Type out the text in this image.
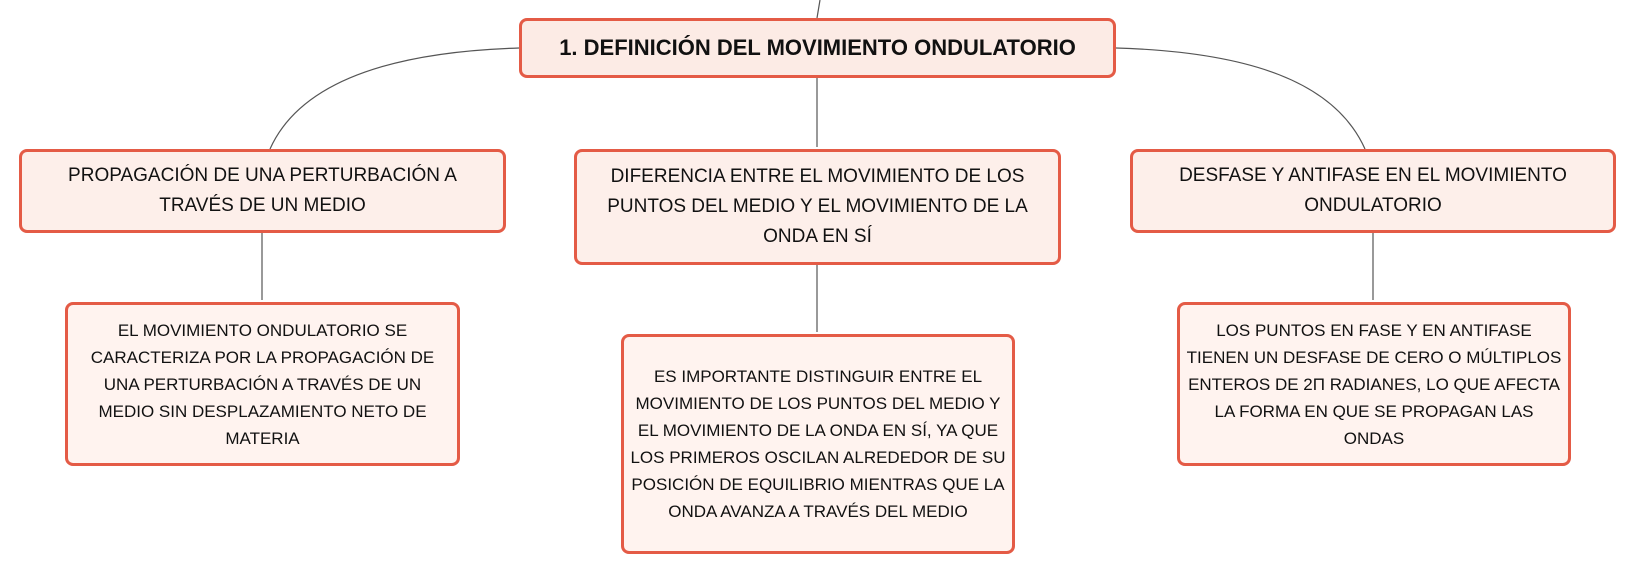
1. DEFINICIÓN DEL MOVIMIENTO ONDULATORIO
PROPAGACIÓN DE UNA PERTURBACIÓN A TRAVÉS DE UN MEDIO
DIFERENCIA ENTRE EL MOVIMIENTO DE LOS PUNTOS DEL MEDIO Y EL MOVIMIENTO DE LA ONDA EN SÍ
DESFASE Y ANTIFASE EN EL MOVIMIENTO ONDULATORIO
EL MOVIMIENTO ONDULATORIO SE CARACTERIZA POR LA PROPAGACIÓN DE UNA PERTURBACIÓN A TRAVÉS DE UN MEDIO SIN DESPLAZAMIENTO NETO DE MATERIA
ES IMPORTANTE DISTINGUIR ENTRE EL MOVIMIENTO DE LOS PUNTOS DEL MEDIO Y EL MOVIMIENTO DE LA ONDA EN SÍ, YA QUE LOS PRIMEROS OSCILAN ALREDEDOR DE SU POSICIÓN DE EQUILIBRIO MIENTRAS QUE LA ONDA AVANZA A TRAVÉS DEL MEDIO
LOS PUNTOS EN FASE Y EN ANTIFASE TIENEN UN DESFASE DE CERO O MÚLTIPLOS ENTEROS DE 2Π RADIANES, LO QUE AFECTA LA FORMA EN QUE SE PROPAGAN LAS ONDAS
